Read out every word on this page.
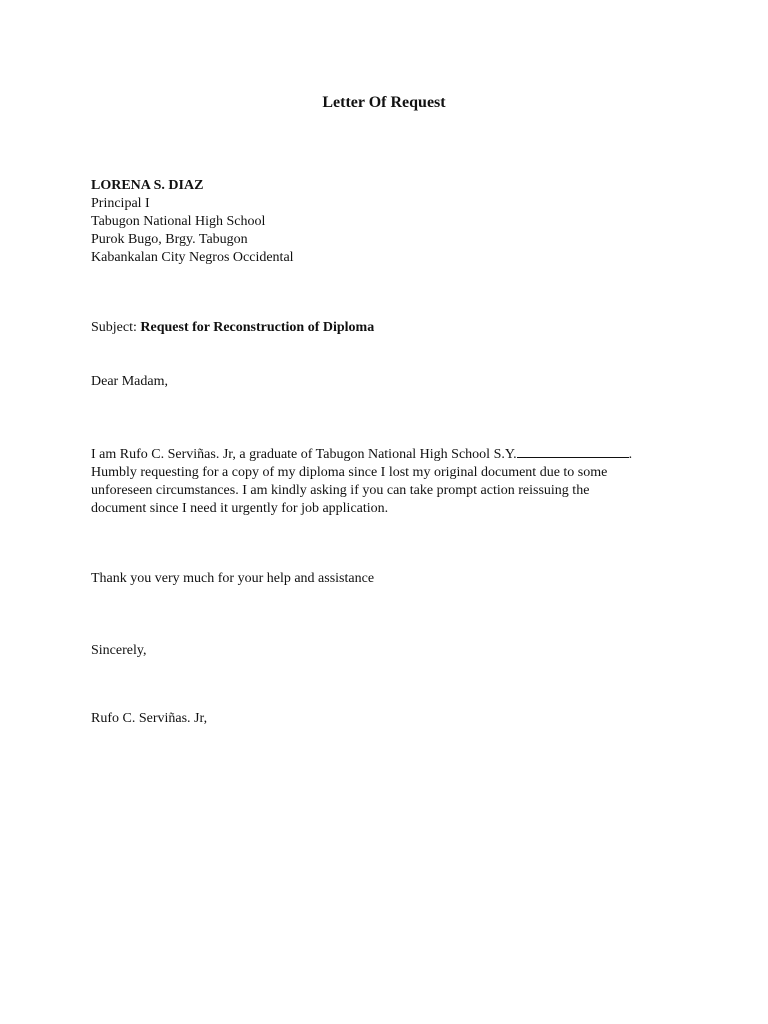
Letter Of Request
LORENA S. DIAZ
Principal I
Tabugon National High School
Purok Bugo, Brgy. Tabugon
Kabankalan City Negros Occidental
Subject: Request for Reconstruction of Diploma
Dear Madam,
I am Rufo C. Serviñas. Jr, a graduate of Tabugon National High School S.Y.	.
Humbly requesting for a copy of my diploma since I lost my original document due to some
unforeseen circumstances. I am kindly asking if you can take prompt action reissuing the
document since I need it urgently for job application.
Thank you very much for your help and assistance
Sincerely,
Rufo C. Serviñas. Jr,
